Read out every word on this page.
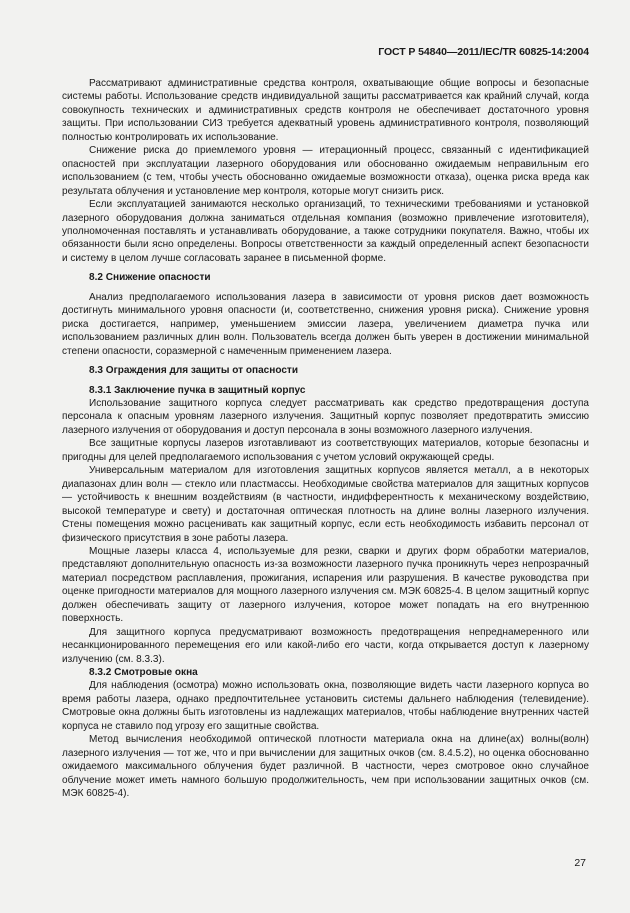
ГОСТ Р 54840—2011/IEC/TR 60825-14:2004

Рассматривают административные средства контроля, охватывающие общие вопросы и безопасные системы работы. Использование средств индивидуальной защиты рассматривается как крайний случай, когда совокупность технических и административных средств контроля не обеспечивает достаточного уровня защиты. При использовании СИЗ требуется адекватный уровень административного контроля, позволяющий полностью контролировать их использование.

Снижение риска до приемлемого уровня — итерационный процесс, связанный с идентификацией опасностей при эксплуатации лазерного оборудования или обоснованно ожидаемым неправильным его использованием (с тем, чтобы учесть обоснованно ожидаемые возможности отказа), оценка риска вреда как результата облучения и установление мер контроля, которые могут снизить риск.

Если эксплуатацией занимаются несколько организаций, то техническими требованиями и установкой лазерного оборудования должна заниматься отдельная компания (возможно привлечение изготовителя), уполномоченная поставлять и устанавливать оборудование, а также сотрудники покупателя. Важно, чтобы их обязанности были ясно определены. Вопросы ответственности за каждый определенный аспект безопасности и систему в целом лучше согласовать заранее в письменной форме.

8.2 Снижение опасности

Анализ предполагаемого использования лазера в зависимости от уровня рисков дает возможность достигнуть минимального уровня опасности (и, соответственно, снижения уровня риска). Снижение уровня риска достигается, например, уменьшением эмиссии лазера, увеличением диаметра пучка или использованием различных длин волн. Пользователь всегда должен быть уверен в достижении минимальной степени опасности, соразмерной с намеченным применением лазера.

8.3 Ограждения для защиты от опасности
8.3.1 Заключение пучка в защитный корпус

Использование защитного корпуса следует рассматривать как средство предотвращения доступа персонала к опасным уровням лазерного излучения. Защитный корпус позволяет предотвратить эмиссию лазерного излучения от оборудования и доступ персонала в зоны возможного лазерного излучения.

Все защитные корпусы лазеров изготавливают из соответствующих материалов, которые безопасны и пригодны для целей предполагаемого использования с учетом условий окружающей среды.

Универсальным материалом для изготовления защитных корпусов является металл, а в некоторых диапазонах длин волн — стекло или пластмассы. Необходимые свойства материалов для защитных корпусов — устойчивость к внешним воздействиям (в частности, индифферентность к механическому воздействию, высокой температуре и свету) и достаточная оптическая плотность на длине волны лазерного излучения. Стены помещения можно расценивать как защитный корпус, если есть необходимость избавить персонал от физического присутствия в зоне работы лазера.

Мощные лазеры класса 4, используемые для резки, сварки и других форм обработки материалов, представляют дополнительную опасность из-за возможности лазерного пучка проникнуть через непрозрачный материал посредством расплавления, прожигания, испарения или разрушения. В качестве руководства при оценке пригодности материалов для мощного лазерного излучения см. МЭК 60825-4. В целом защитный корпус должен обеспечивать защиту от лазерного излучения, которое может попадать на его внутреннюю поверхность.

Для защитного корпуса предусматривают возможность предотвращения непреднамеренного или несанкционированного перемещения его или какой-либо его части, когда открывается доступ к лазерному излучению (см. 8.3.3).

8.3.2 Смотровые окна

Для наблюдения (осмотра) можно использовать окна, позволяющие видеть части лазерного корпуса во время работы лазера, однако предпочтительнее установить системы дальнего наблюдения (телевидение). Смотровые окна должны быть изготовлены из надлежащих материалов, чтобы наблюдение внутренних частей корпуса не ставило под угрозу его защитные свойства.

Метод вычисления необходимой оптической плотности материала окна на длине(ах) волны(волн) лазерного излучения — тот же, что и при вычислении для защитных очков (см. 8.4.5.2), но оценка обоснованно ожидаемого максимального облучения будет различной. В частности, через смотровое окно случайное облучение может иметь намного большую продолжительность, чем при использовании защитных очков (см. МЭК 60825-4).

27
